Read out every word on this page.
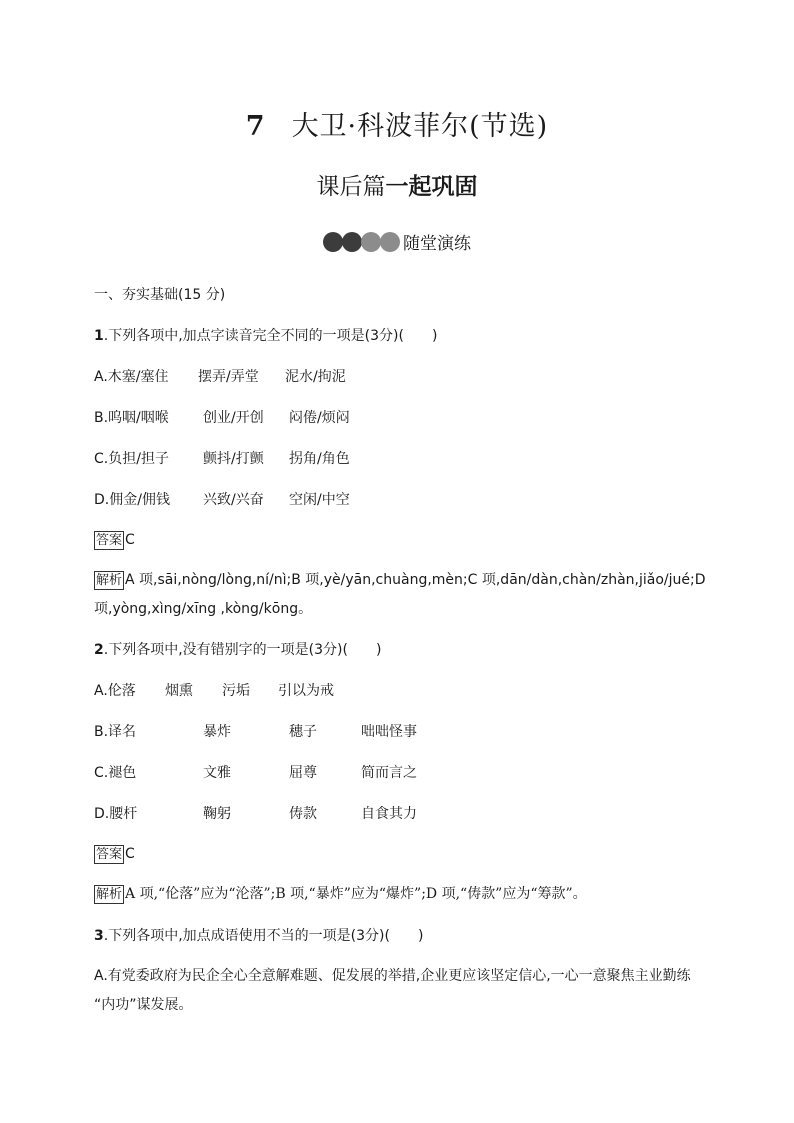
7 大卫·科波菲尔(节选)
课后篇一起巩固
随堂演练
一、夯实基础(15 分)
1.下列各项中,加点字读音完全不同的一项是(3分)(　　)
A.木塞/塞住 摆弄/弄堂 泥水/拘泥
B.呜咽/咽喉 创业/开创 闷倦/烦闷
C.负担/担子 颤抖/打颤 拐角/角色
D.佣金/佣钱 兴致/兴奋 空闲/中空
答案 C
解析 A 项,sāi,nòng/lòng,ní/nì;B 项,yè/yān,chuàng,mèn;C 项,dān/dàn,chàn/zhàn,jiǎo/jué;D
项,yòng,xìng/xīng ,kòng/kōng。
2.下列各项中,没有错别字的一项是(3分)(　　)
A.伦落 烟熏 污垢 引以为戒
B.译名	暴炸	穗子	咄咄怪事
C.褪色	文雅	屈尊	简而言之
D.腰杆	鞠躬	俦款	自食其力
答案 C
解析 A 项,“伦落”应为“沦落”;B 项,“暴炸”应为“爆炸”;D 项,“俦款”应为“筹款”。
3.下列各项中,加点成语使用不当的一项是(3分)(　　)
A.有党委政府为民企全心全意解难题、促发展的举措,企业更应该坚定信心,一心一意聚焦主业勤练
“内功”谋发展。
